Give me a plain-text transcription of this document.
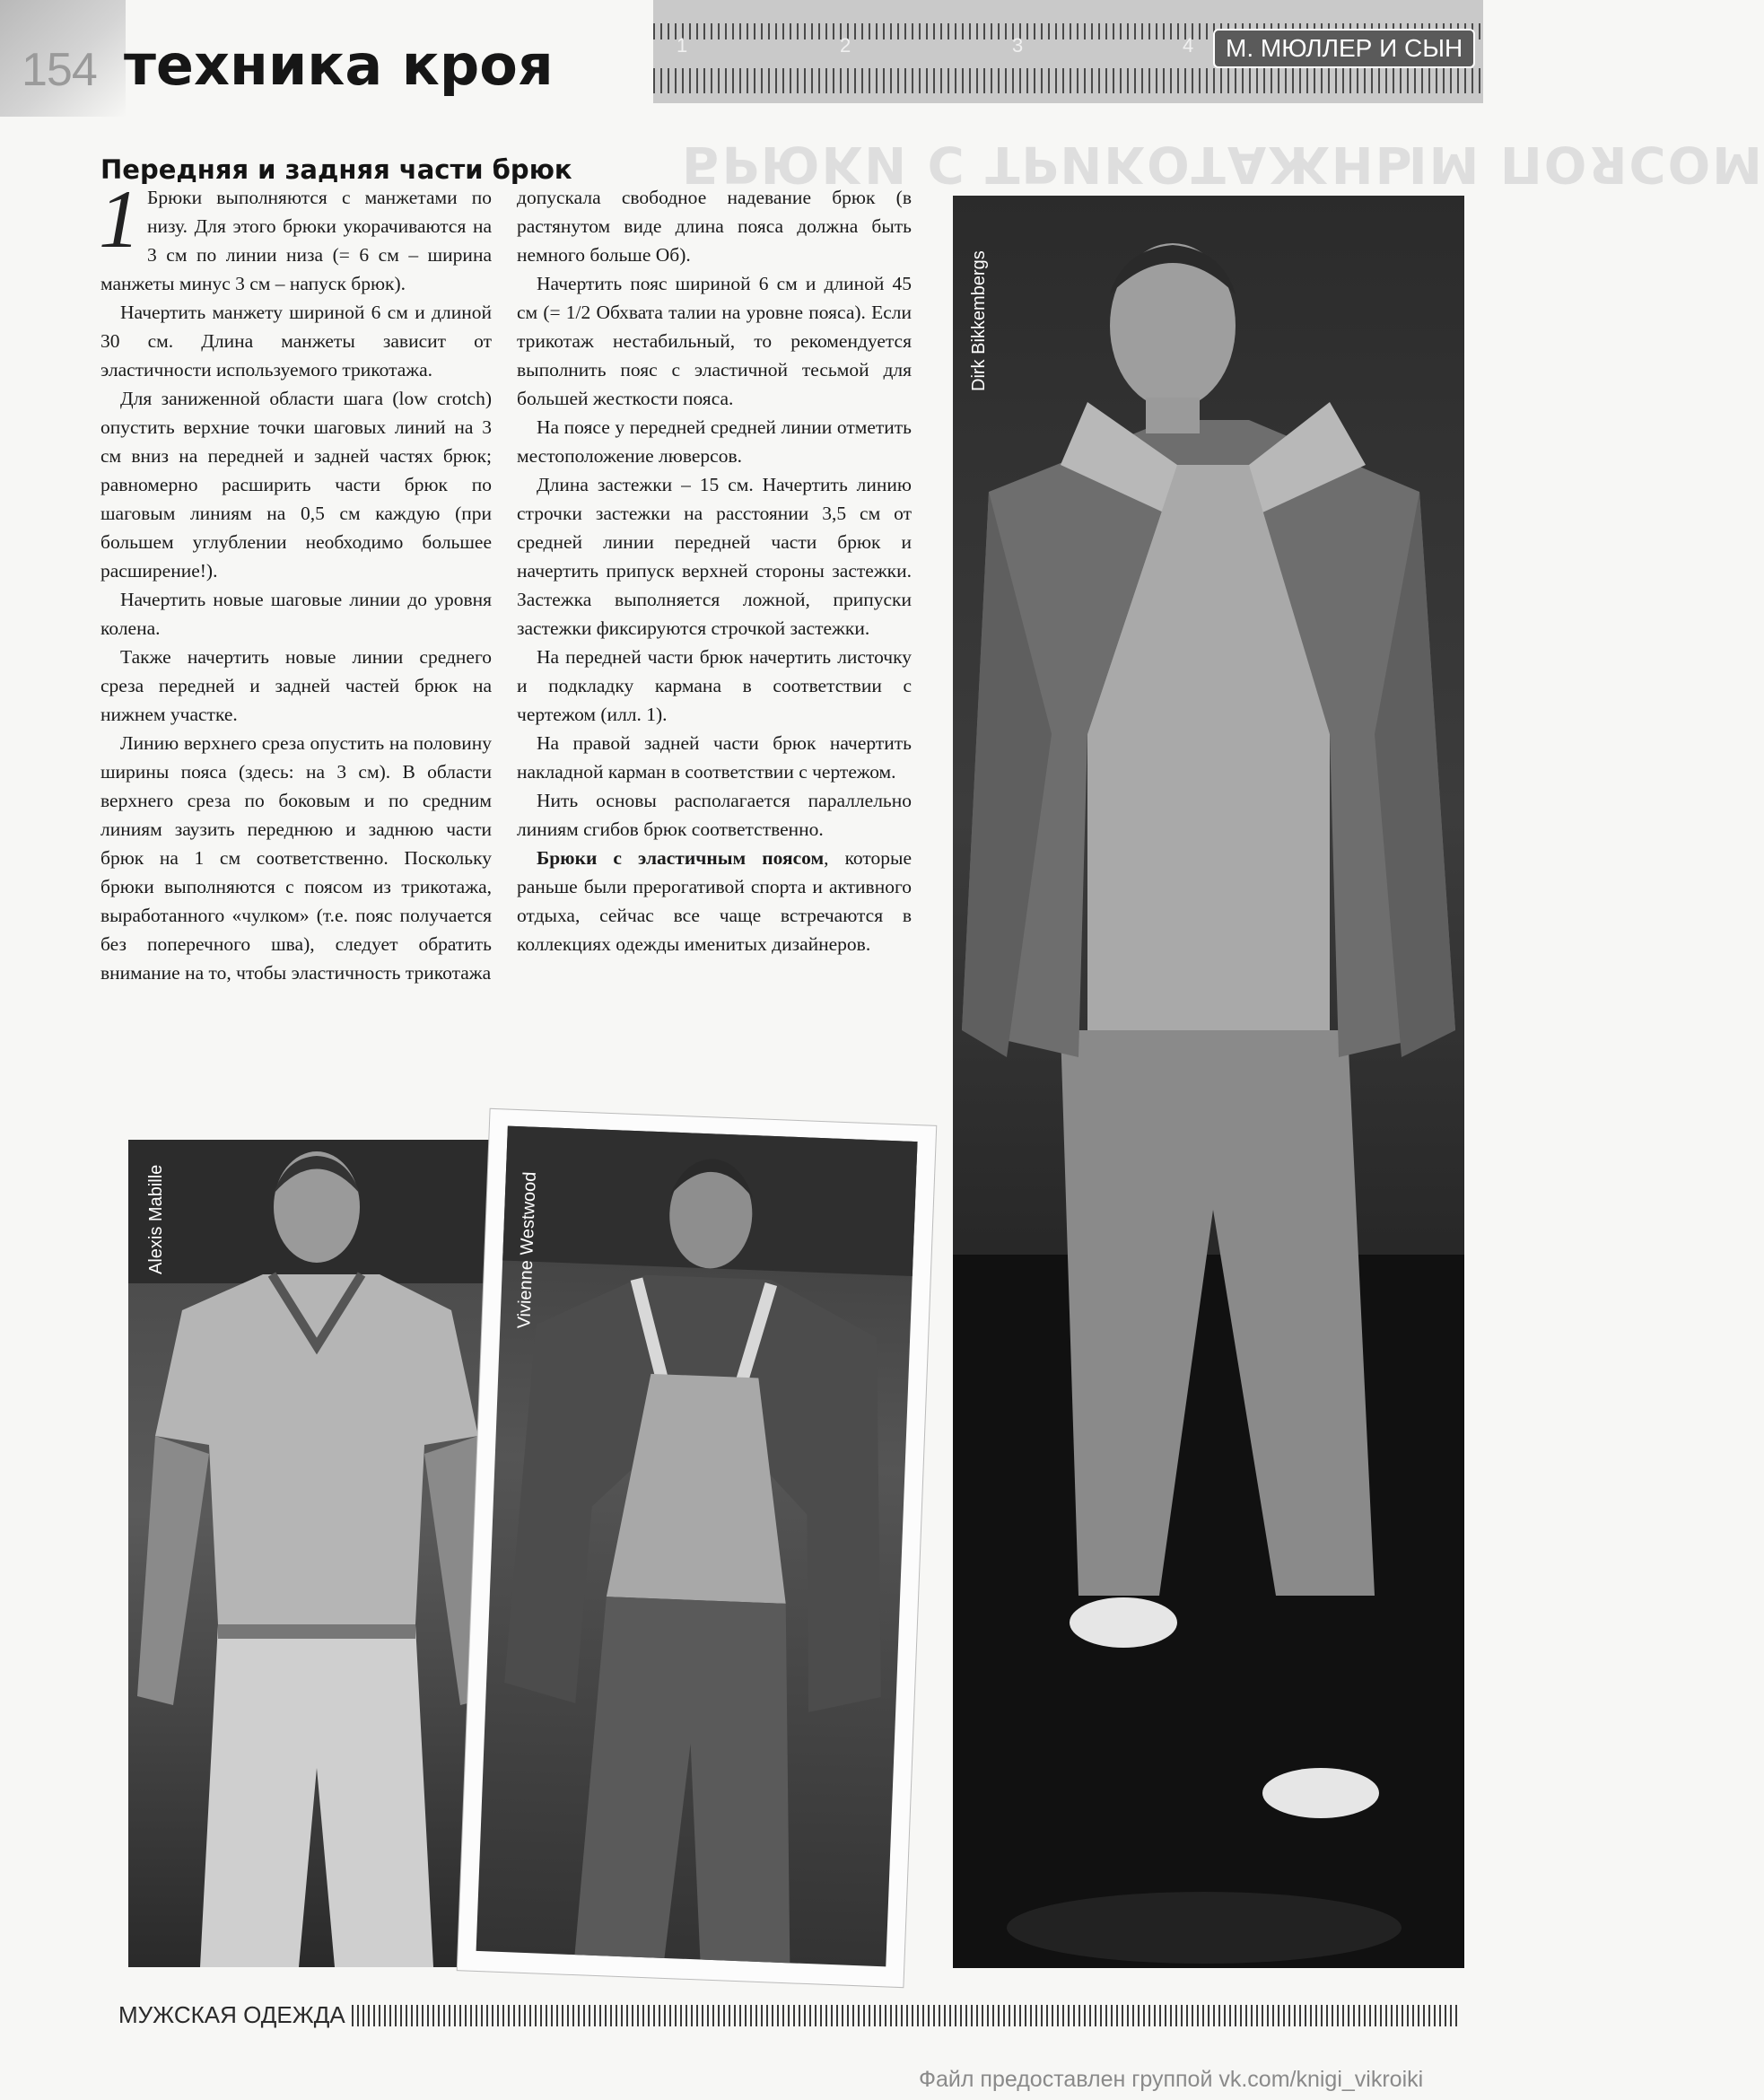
154 техника кроя	1	2	3	4	М. МЮЛЛЕР И СЫН
БРЮКИ С ТРИКОТАЖНЫМ ПОЯСОМ
Передняя и задняя части брюк

1 Брюки выполняются с манжетами по низу. Для этого брюки укорачиваются на 3 см по линии низа (= 6 см – ширина манжеты минус 3 см – напуск брюк).

Начертить манжету шириной 6 см и длиной 30 см. Длина манжеты зависит от эластичности используемого трикотажа.

Для заниженной области шага (low crotch) опустить верхние точки шаговых линий на 3 см вниз на передней и задней частях брюк; равномерно расширить части брюк по шаговым линиям на 0,5 см каждую (при большем углублении необходимо большее расширение!).

Начертить новые шаговые линии до уровня колена.

Также начертить новые линии среднего среза передней и задней частей брюк на нижнем участке.

Линию верхнего среза опустить на половину ширины пояса (здесь: на 3 см). В области верхнего среза по боковым и по средним линиям заузить переднюю и заднюю части брюк на 1 см соответственно. Поскольку брюки выполняются с поясом из трикотажа, выработанного «чулком» (т.е. пояс получается без поперечного шва), следует обратить внимание на то, чтобы эластичность трикотажа

допускала свободное надевание брюк (в растянутом виде длина пояса должна быть немного больше Об).

Начертить пояс шириной 6 см и длиной 45 см (= 1/2 Обхвата талии на уровне пояса). Если трикотаж нестабильный, то рекомендуется выполнить пояс с эластичной тесьмой для большей жесткости пояса.

На поясе у передней средней линии отметить местоположение люверсов.

Длина застежки – 15 см. Начертить линию строчки застежки на расстоянии 3,5 см от средней линии передней части брюк и начертить припуск верхней стороны застежки. Застежка выполняется ложной, припуски застежки фиксируются строчкой застежки.

На передней части брюк начертить листочку и подкладку кармана в соответствии с чертежом (илл. 1).

На правой задней части брюк начертить накладной карман в соответствии с чертежом.

Нить основы располагается параллельно линиям сгибов брюк соответственно.

Брюки с эластичным поясом, которые раньше были прерогативой спорта и активного отдыха, сейчас все чаще встречаются в коллекциях одежды именитых дизайнеров.

Dirk Bikkembergs
Alexis Mabille	Vivienne Westwood
МУЖСКАЯ ОДЕЖДА
Файл предоставлен группой vk.com/knigi_vikroiki
